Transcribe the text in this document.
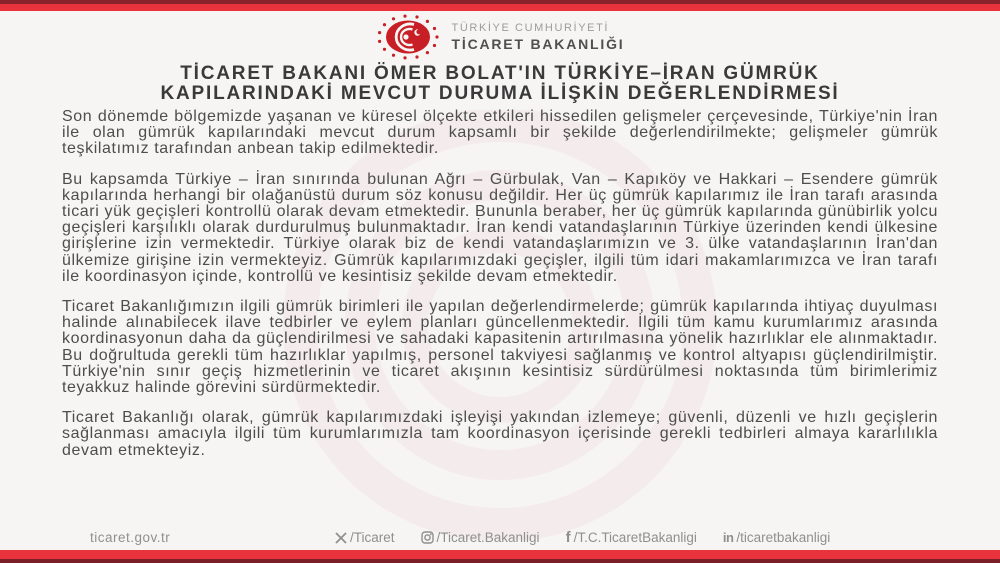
TÜRKİYE CUMHURİYETİ
TİCARET BAKANLIĞI
TİCARET BAKANI ÖMER BOLAT'IN TÜRKİYE–İRAN GÜMRÜK
KAPILARINDAKİ MEVCUT DURUMA İLİŞKİN DEĞERLENDİRMESİ

Son dönemde bölgemizde yaşanan ve küresel ölçekte etkileri hissedilen gelişmeler çerçevesinde, Türkiye'nin İran ile olan gümrük kapılarındaki mevcut durum kapsamlı bir şekilde değerlendirilmekte; gelişmeler gümrük teşkilatımız tarafından anbean takip edilmektedir.

Bu kapsamda Türkiye – İran sınırında bulunan Ağrı – Gürbulak, Van – Kapıköy ve Hakkari – Esendere gümrük kapılarında herhangi bir olağanüstü durum söz konusu değildir. Her üç gümrük kapılarımız ile İran tarafı arasında ticari yük geçişleri kontrollü olarak devam etmektedir. Bununla beraber, her üç gümrük kapılarında günübirlik yolcu geçişleri karşılıklı olarak durdurulmuş bulunmaktadır. İran kendi vatandaşlarının Türkiye üzerinden kendi ülkesine girişlerine izin vermektedir. Türkiye olarak biz de kendi vatandaşlarımızın ve 3. ülke vatandaşlarının İran'dan ülkemize girişine izin vermekteyiz. Gümrük kapılarımızdaki geçişler, ilgili tüm idari makamlarımızca ve İran tarafı ile koordinasyon içinde, kontrollü ve kesintisiz şekilde devam etmektedir.

Ticaret Bakanlığımızın ilgili gümrük birimleri ile yapılan değerlendirmelerde; gümrük kapılarında ihtiyaç duyulması halinde alınabilecek ilave tedbirler ve eylem planları güncellenmektedir. İlgili tüm kamu kurumlarımız arasında koordinasyonun daha da güçlendirilmesi ve sahadaki kapasitenin artırılmasına yönelik hazırlıklar ele alınmaktadır. Bu doğrultuda gerekli tüm hazırlıklar yapılmış, personel takviyesi sağlanmış ve kontrol altyapısı güçlendirilmiştir. Türkiye'nin sınır geçiş hizmetlerinin ve ticaret akışının kesintisiz sürdürülmesi noktasında tüm birimlerimiz teyakkuz halinde görevini sürdürmektedir.

Ticaret Bakanlığı olarak, gümrük kapılarımızdaki işleyişi yakından izlemeye; güvenli, düzenli ve hızlı geçişlerin sağlanması amacıyla ilgili tüm kurumlarımızla tam koordinasyon içerisinde gerekli tedbirleri almaya kararlılıkla devam etmekteyiz.

ticaret.gov.tr	/Ticaret	/Ticaret.Bakanligi f /T.C.TicaretBakanligi in /ticaretbakanligi
